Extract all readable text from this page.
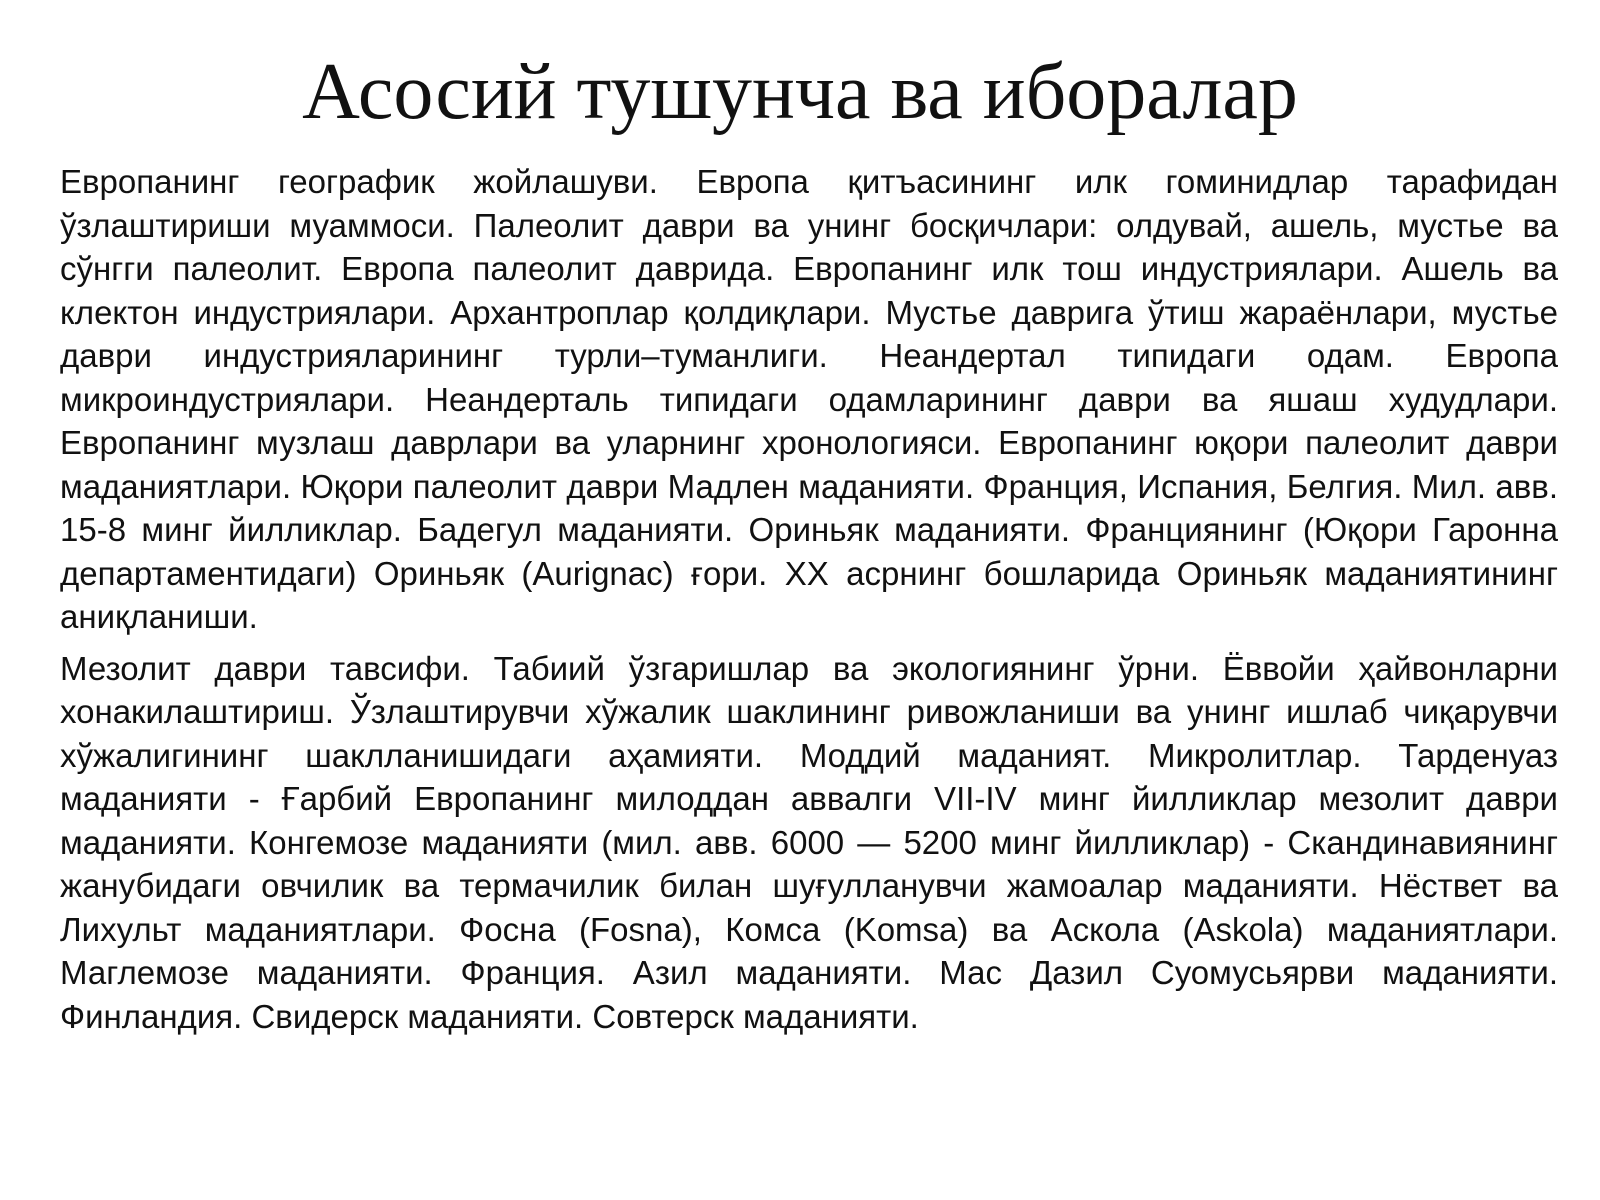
Асосий тушунча ва иборалар

Европанинг географик жойлашуви. Европа қитъасининг илк гоминидлар тарафидан ўзлаштириши муаммоси. Палеолит даври ва унинг босқичлари: олдувай, ашель, мустье ва сўнгги палеолит. Европа палеолит даврида. Европанинг илк тош индустриялари. Ашель ва клектон индустриялари. Архантроплар қолдиқлари. Мустье даврига ўтиш жараёнлари, мустье даври индустрияларининг турли–туманлиги. Неандертал типидаги одам. Европа микроиндустриялари. Неандерталь типидаги одамларининг даври ва яшаш худудлари. Европанинг музлаш даврлари ва уларнинг хронологияси. Европанинг юқори палеолит даври маданиятлари. Юқори палеолит даври Мадлен маданияти. Франция, Испания, Белгия. Мил. авв. 15-8 минг йилликлар. Бадегул маданияти. Ориньяк маданияти. Франциянинг (Юқори Гаронна департаментидаги) Ориньяк (Aurignac) ғори. XX асрнинг бошларида Ориньяк маданиятининг аниқланиши.

Мезолит даври тавсифи. Табиий ўзгаришлар ва экологиянинг ўрни. Ёввойи ҳайвонларни хонакилаштириш. Ўзлаштирувчи хўжалик шаклининг ривожланиши ва унинг ишлаб чиқарувчи хўжалигининг шаклланишидаги аҳамияти. Моддий маданият. Микролитлар. Тарденуаз маданияти - Ғарбий Европанинг милоддан аввалги VII-IV минг йилликлар мезолит даври маданияти. Конгемозе маданияти (мил. авв. 6000 — 5200 минг йилликлар) - Скандинавиянинг жанубидаги овчилик ва термачилик билан шуғулланувчи жамоалар маданияти. Нёствет ва Лихульт маданиятлари. Фосна (Fosna), Комса (Komsa) ва Аскола (Askola) маданиятлари. Маглемозе маданияти. Франция. Азил маданияти. Мас Дазил Суомусьярви маданияти. Финландия. Свидерск маданияти. Совтерск маданияти.
